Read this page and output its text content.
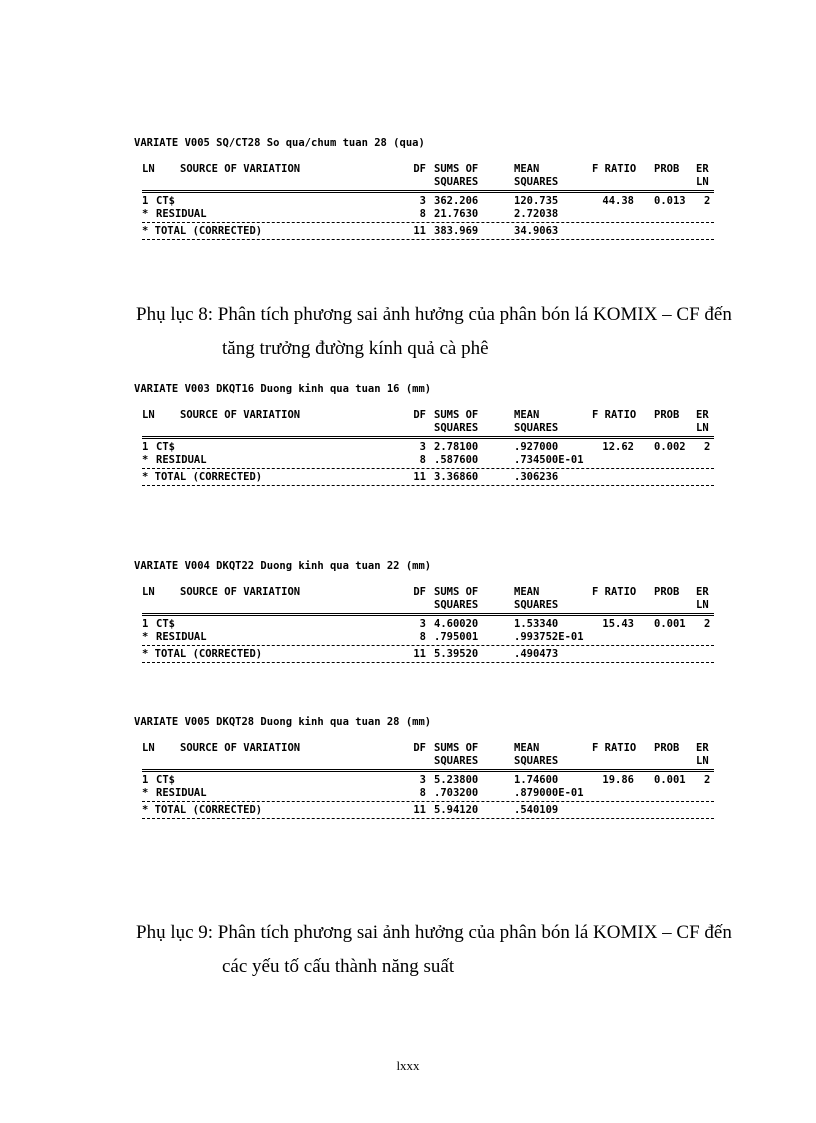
VARIATE V005 SQ/CT28 So qua/chum tuan 28 (qua)
LN SOURCE OF VARIATION	DF SUMS OF	MEAN	F RATIO PROB ER
SQUARES	SQUARES	LN
1 CT$	3 362.206	120.735	44.38 0.013 2
* RESIDUAL	8 21.7630	2.72038
* TOTAL (CORRECTED)	11 383.969	34.9063
Phụ lục 8: Phân tích phương sai ảnh hưởng của phân bón lá KOMIX – CF đến
tăng trưởng đường kính quả cà phê
VARIATE V003 DKQT16 Duong kinh qua tuan 16 (mm)
LN SOURCE OF VARIATION	DF SUMS OF	MEAN	F RATIO PROB ER
SQUARES	SQUARES	LN
1 CT$	3 2.78100	.927000	12.62 0.002 2
* RESIDUAL	8 .587600	.734500E-01
* TOTAL (CORRECTED)	11 3.36860	.306236
VARIATE V004 DKQT22 Duong kinh qua tuan 22 (mm)
LN SOURCE OF VARIATION	DF SUMS OF	MEAN	F RATIO PROB ER
SQUARES	SQUARES	LN
1 CT$	3 4.60020	1.53340	15.43 0.001 2
* RESIDUAL	8 .795001	.993752E-01
* TOTAL (CORRECTED)	11 5.39520	.490473
VARIATE V005 DKQT28 Duong kinh qua tuan 28 (mm)
LN SOURCE OF VARIATION	DF SUMS OF	MEAN	F RATIO PROB ER
SQUARES	SQUARES	LN
1 CT$	3 5.23800	1.74600	19.86 0.001 2
* RESIDUAL	8 .703200	.879000E-01
* TOTAL (CORRECTED)	11 5.94120	.540109
Phụ lục 9: Phân tích phương sai ảnh hưởng của phân bón lá KOMIX – CF đến
các yếu tố cấu thành năng suất
lxxx
